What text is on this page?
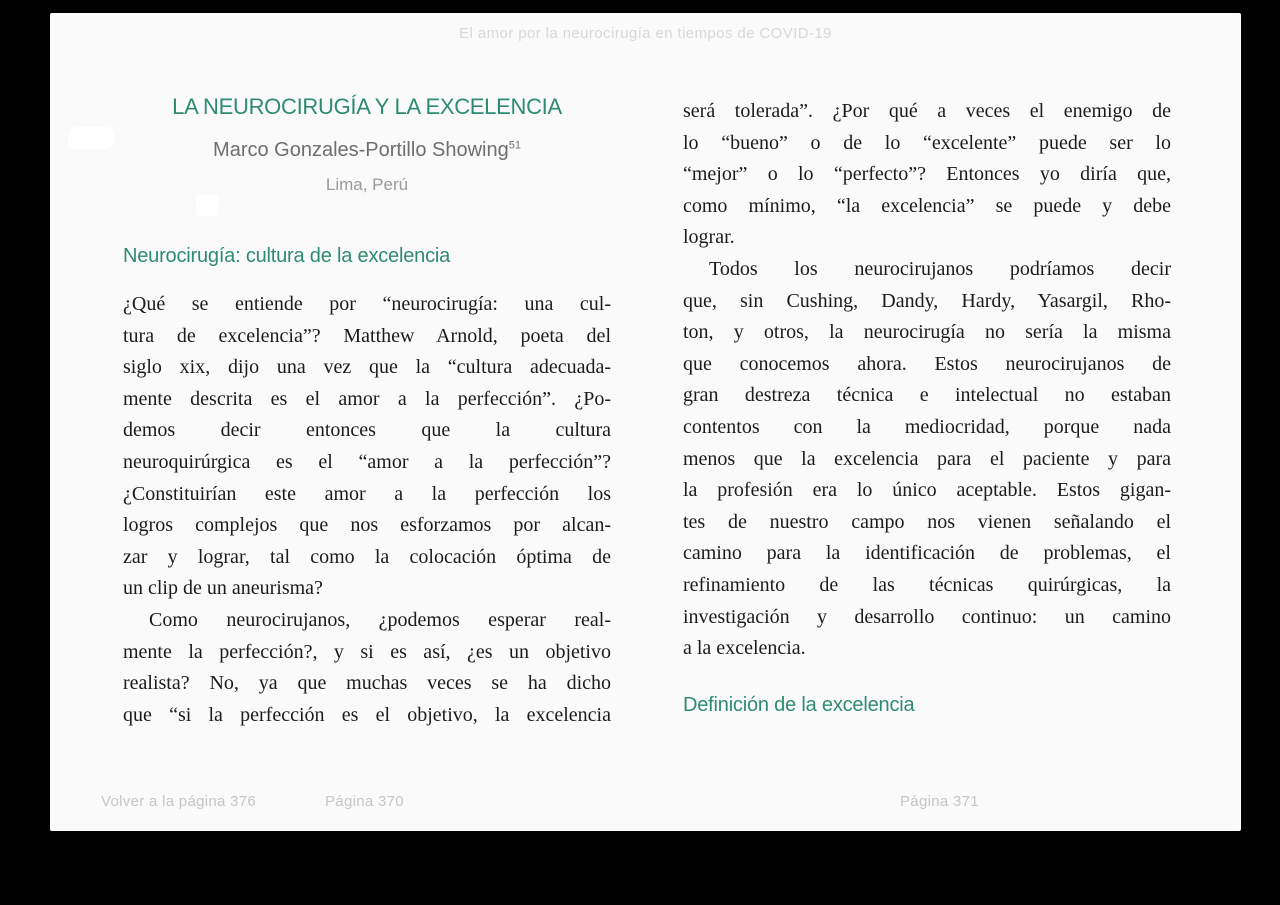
El amor por la neurocirugía en tiempos de COVID-19
LA NEUROCIRUGÍA Y LA EXCELENCIA
Marco Gonzales-Portillo Showing$^{51}$
Lima, Perú
Neurocirugía: cultura de la excelencia
¿Qué se entiende por “neurocirugía: una cul-
tura de excelencia”? Matthew Arnold, poeta del
siglo xix, dijo una vez que la “cultura adecuada-
mente descrita es el amor a la perfección”. ¿Po-
demos decir entonces que la cultura
neuroquirúrgica es el “amor a la perfección”?
¿Constituirían este amor a la perfección los
logros complejos que nos esforzamos por alcan-
zar y lograr, tal como la colocación óptima de
un clip de un aneurisma?
Como neurocirujanos, ¿podemos esperar real-
mente la perfección?, y si es así, ¿es un objetivo
realista? No, ya que muchas veces se ha dicho
que “si la perfección es el objetivo, la excelencia
será tolerada”. ¿Por qué a veces el enemigo de
lo “bueno” o de lo “excelente” puede ser lo
“mejor” o lo “perfecto”? Entonces yo diría que,
como mínimo, “la excelencia” se puede y debe
lograr.
Todos los neurocirujanos podríamos decir
que, sin Cushing, Dandy, Hardy, Yasargil, Rho-
ton, y otros, la neurocirugía no sería la misma
que conocemos ahora. Estos neurocirujanos de
gran destreza técnica e intelectual no estaban
contentos con la mediocridad, porque nada
menos que la excelencia para el paciente y para
la profesión era lo único aceptable. Estos gigan-
tes de nuestro campo nos vienen señalando el
camino para la identificación de problemas, el
refinamiento de las técnicas quirúrgicas, la
investigación y desarrollo continuo: un camino
a la excelencia.
Definición de la excelencia
Volver a la página 376	Página 370	Página 371
